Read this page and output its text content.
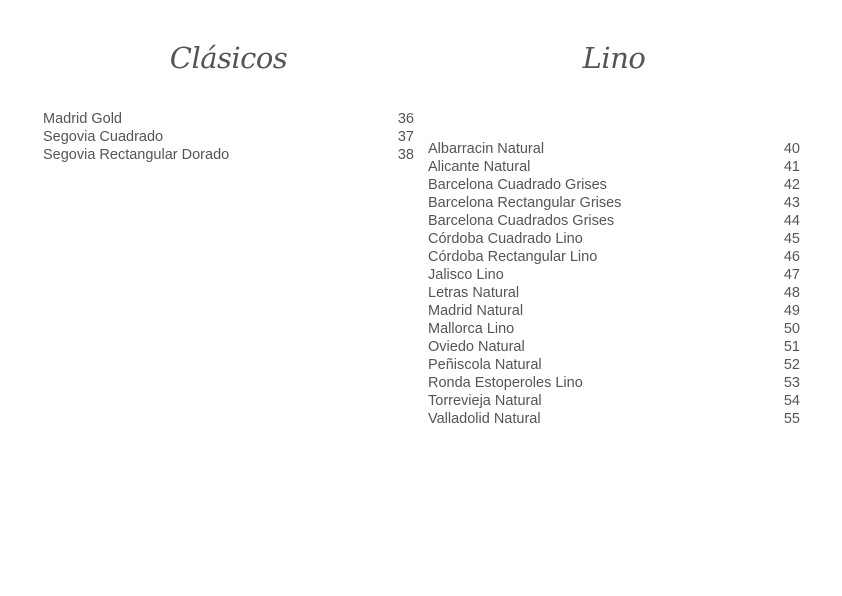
Clásicos
Madrid Gold	36
Segovia Cuadrado	37
Segovia Rectangular Dorado	38
Lino
Albarracin Natural	40
Alicante Natural	41
Barcelona Cuadrado Grises	42
Barcelona Rectangular Grises	43
Barcelona Cuadrados Grises	44
Córdoba Cuadrado Lino	45
Córdoba Rectangular Lino	46
Jalisco Lino	47
Letras Natural	48
Madrid Natural	49
Mallorca Lino	50
Oviedo Natural	51
Peñiscola Natural	52
Ronda Estoperoles Lino	53
Torrevieja Natural	54
Valladolid Natural	55
